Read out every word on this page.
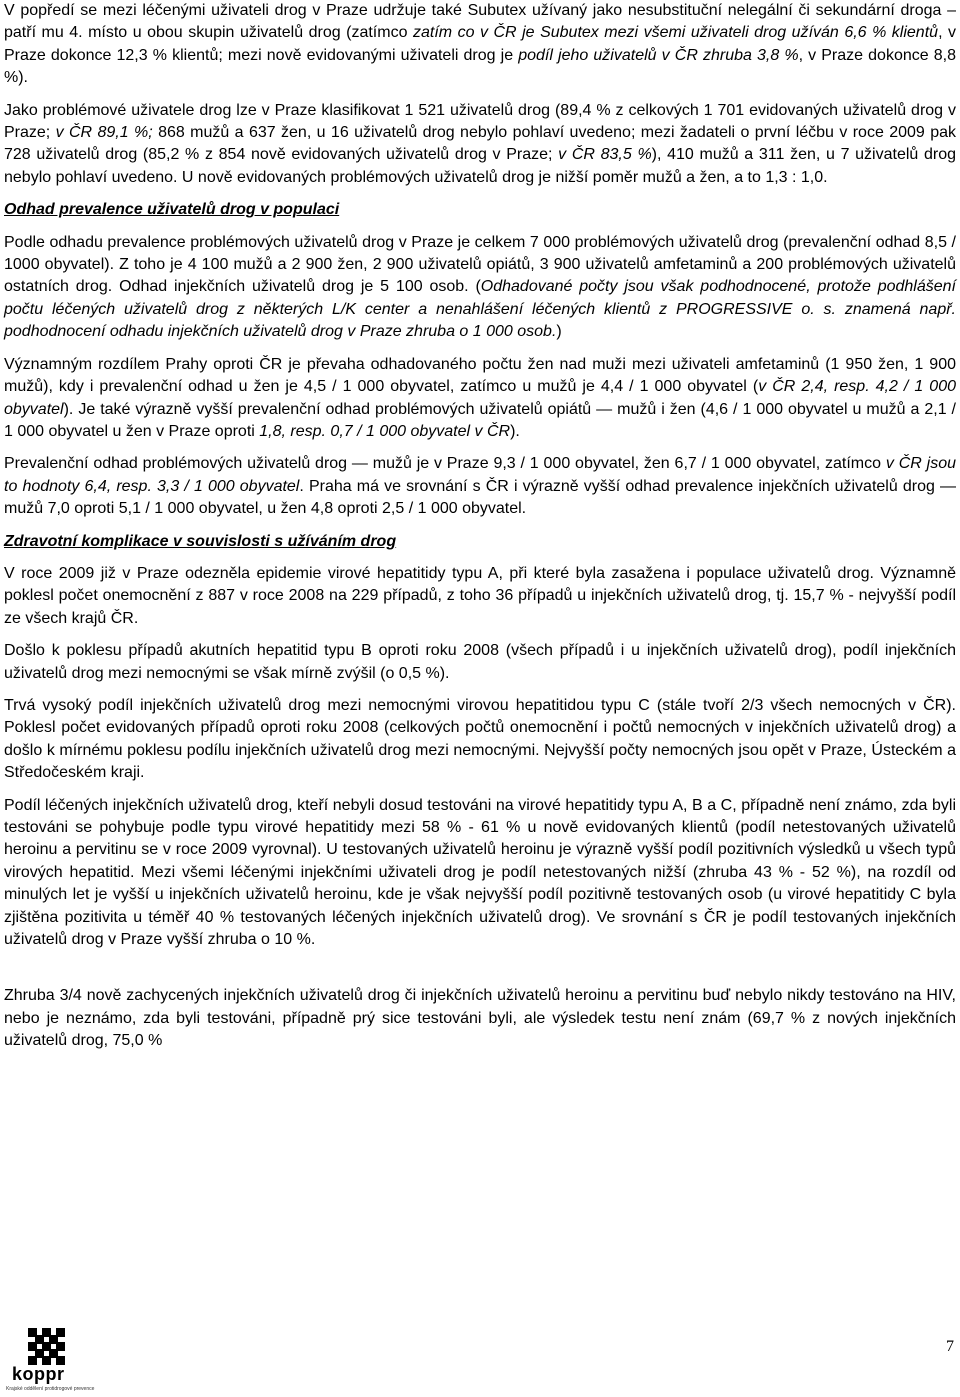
V popředí se mezi léčenými uživateli drog v Praze udržuje také Subutex užívaný jako nesubstituční nelegální či sekundární droga – patří mu 4. místo u obou skupin uživatelů drog (zatímco zatím co v ČR je Subutex mezi všemi uživateli drog užíván 6,6 % klientů, v Praze dokonce 12,3 % klientů; mezi nově evidovanými uživateli drog je podíl jeho uživatelů v ČR zhruba 3,8 %, v Praze dokonce 8,8 %).

Jako problémové uživatele drog lze v Praze klasifikovat 1 521 uživatelů drog (89,4 % z celkových 1 701 evidovaných uživatelů drog v Praze; v ČR 89,1 %; 868 mužů a 637 žen, u 16 uživatelů drog nebylo pohlaví uvedeno; mezi žadateli o první léčbu v roce 2009 pak 728 uživatelů drog (85,2 % z 854 nově evidovaných uživatelů drog v Praze; v ČR 83,5 %), 410 mužů a 311 žen, u 7 uživatelů drog nebylo pohlaví uvedeno. U nově evidovaných problémových uživatelů drog je nižší poměr mužů a žen, a to 1,3 : 1,0.

Odhad prevalence uživatelů drog v populaci

Podle odhadu prevalence problémových uživatelů drog v Praze je celkem 7 000 problémových uživatelů drog (prevalenční odhad 8,5 / 1000 obyvatel). Z toho je 4 100 mužů a 2 900 žen, 2 900 uživatelů opiátů, 3 900 uživatelů amfetaminů a 200 problémových uživatelů ostatních drog. Odhad injekčních uživatelů drog je 5 100 osob. (Odhadované počty jsou však podhodnocené, protože podhlášení počtu léčených uživatelů drog z některých L/K center a nenahlášení léčených klientů z PROGRESSIVE o. s. znamená např. podhodnocení odhadu injekčních uživatelů drog v Praze zhruba o 1 000 osob.)

Významným rozdílem Prahy oproti ČR je převaha odhadovaného počtu žen nad muži mezi uživateli amfetaminů (1 950 žen, 1 900 mužů), kdy i prevalenční odhad u žen je 4,5 / 1 000 obyvatel, zatímco u mužů je 4,4 / 1 000 obyvatel (v ČR 2,4, resp. 4,2 / 1 000 obyvatel). Je také výrazně vyšší prevalenční odhad problémových uživatelů opiátů — mužů i žen (4,6 / 1 000 obyvatel u mužů a 2,1 / 1 000 obyvatel u žen v Praze oproti 1,8, resp. 0,7 / 1 000 obyvatel v ČR).

Prevalenční odhad problémových uživatelů drog — mužů je v Praze 9,3 / 1 000 obyvatel, žen 6,7 / 1 000 obyvatel, zatímco v ČR jsou to hodnoty 6,4, resp. 3,3 / 1 000 obyvatel. Praha má ve srovnání s ČR i výrazně vyšší odhad prevalence injekčních uživatelů drog — mužů 7,0 oproti 5,1 / 1 000 obyvatel, u žen 4,8 oproti 2,5 / 1 000 obyvatel.

Zdravotní komplikace v souvislosti s užíváním drog

V roce 2009 již v Praze odezněla epidemie virové hepatitidy typu A, při které byla zasažena i populace uživatelů drog. Významně poklesl počet onemocnění z 887 v roce 2008 na 229 případů, z toho 36 případů u injekčních uživatelů drog, tj. 15,7 % - nejvyšší podíl ze všech krajů ČR.

Došlo k poklesu případů akutních hepatitid typu B oproti roku 2008 (všech případů i u injekčních uživatelů drog), podíl injekčních uživatelů drog mezi nemocnými se však mírně zvýšil (o 0,5 %).

Trvá vysoký podíl injekčních uživatelů drog mezi nemocnými virovou hepatitidou typu C (stále tvoří 2/3 všech nemocných v ČR). Poklesl počet evidovaných případů oproti roku 2008 (celkových počtů onemocnění i počtů nemocných v injekčních uživatelů drog) a došlo k mírnému poklesu podílu injekčních uživatelů drog mezi nemocnými. Nejvyšší počty nemocných jsou opět v Praze, Ústeckém a Středočeském kraji.

Podíl léčených injekčních uživatelů drog, kteří nebyli dosud testováni na virové hepatitidy typu A, B a C, případně není známo, zda byli testováni se pohybuje podle typu virové hepatitidy mezi 58 % - 61 % u nově evidovaných klientů (podíl netestovaných uživatelů heroinu a pervitinu se v roce 2009 vyrovnal). U testovaných uživatelů heroinu je výrazně vyšší podíl pozitivních výsledků u všech typů virových hepatitid. Mezi všemi léčenými injekčními uživateli drog je podíl netestovaných nižší (zhruba 43 % - 52 %), na rozdíl od minulých let je vyšší u injekčních uživatelů heroinu, kde je však nejvyšší podíl pozitivně testovaných osob (u virové hepatitidy C byla zjištěna pozitivita u téměř 40 % testovaných léčených injekčních uživatelů drog). Ve srovnání s ČR je podíl testovaných injekčních uživatelů drog v Praze vyšší zhruba o 10 %.

Zhruba 3/4 nově zachycených injekčních uživatelů drog či injekčních uživatelů heroinu a pervitinu buď nebylo nikdy testováno na HIV, nebo je neznámo, zda byli testováni, případně prý sice testováni byli, ale výsledek testu není znám (69,7 % z nových injekčních uživatelů drog, 75,0 %

koppr
Krajské oddělení protidrogové prevence
7
